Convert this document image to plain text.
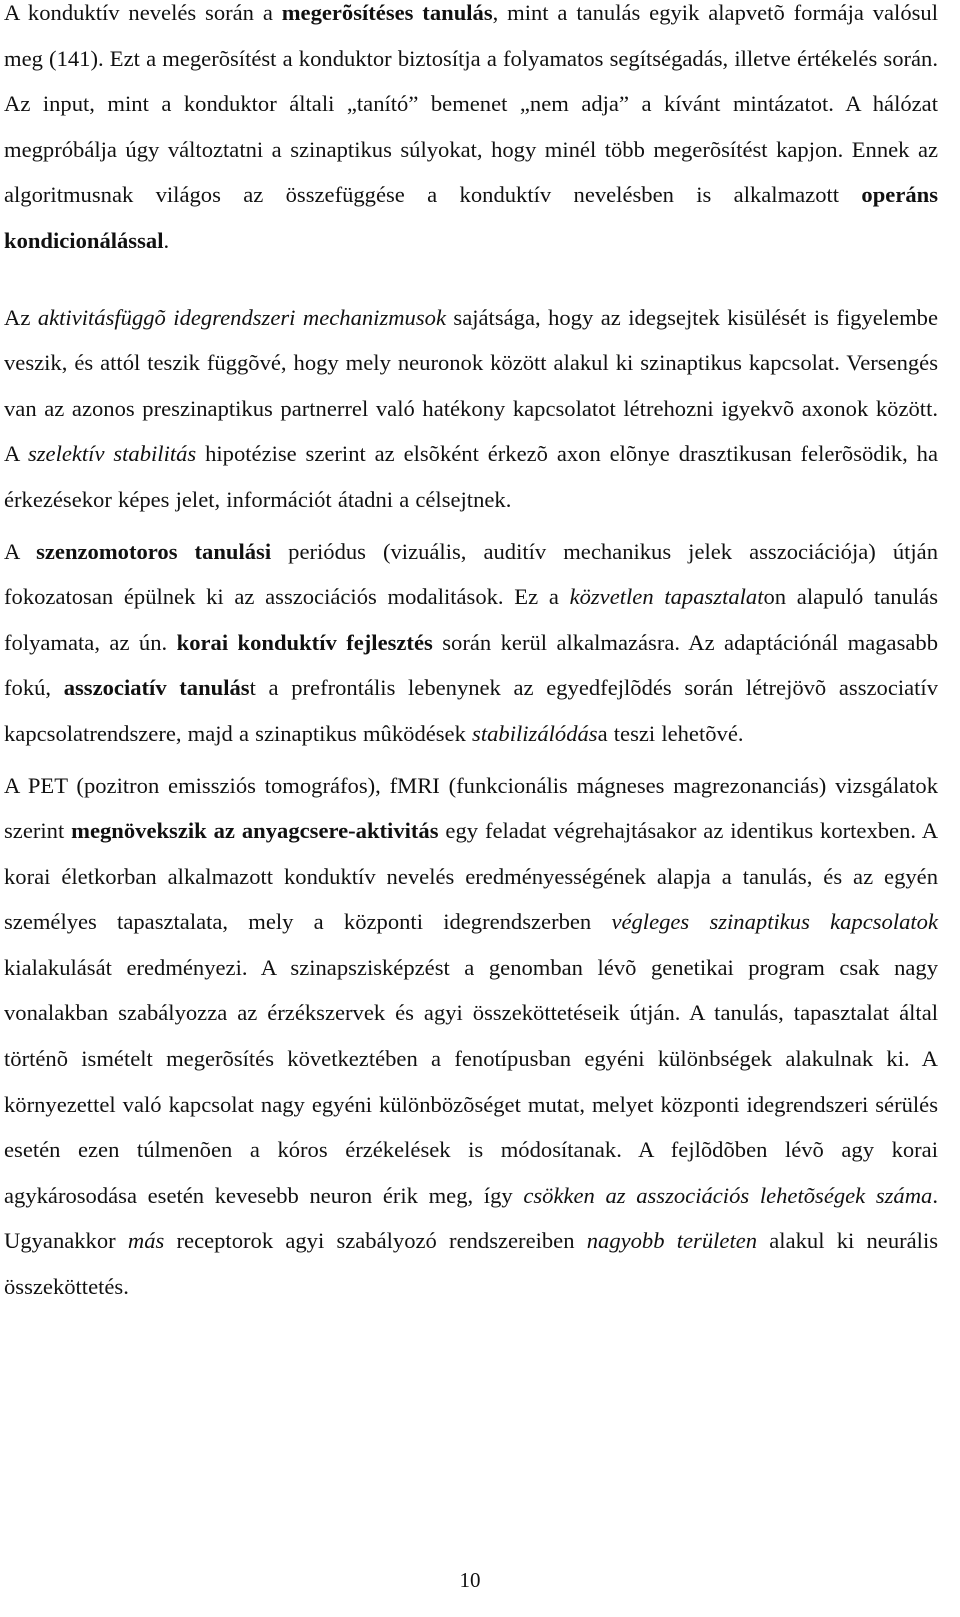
A konduktív nevelés során a megerõsítéses tanulás, mint a tanulás egyik alapvetõ formája valósul meg (141). Ezt a megerõsítést a konduktor biztosítja a folyamatos segítségadás, illetve értékelés során. Az input, mint a konduktor általi „tanító” bemenet „nem adja” a kívánt mintázatot. A hálózat megpróbálja úgy változtatni a szinaptikus súlyokat, hogy minél több megerõsítést kapjon. Ennek az algoritmusnak világos az összefüggése a konduktív nevelésben is alkalmazott operáns kondicionálással.

Az aktivitásfüggõ idegrendszeri mechanizmusok sajátsága, hogy az idegsejtek kisülését is figyelembe veszik, és attól teszik függõvé, hogy mely neuronok között alakul ki szinaptikus kapcsolat. Versengés van az azonos preszinaptikus partnerrel való hatékony kapcsolatot létrehozni igyekvõ axonok között. A szelektív stabilitás hipotézise szerint az elsõként érkezõ axon elõnye drasztikusan felerõsödik, ha érkezésekor képes jelet, információt átadni a célsejtnek.

A szenzomotoros tanulási periódus (vizuális, auditív mechanikus jelek asszociációja) útján fokozatosan épülnek ki az asszociációs modalitások. Ez a közvetlen tapasztalaton alapuló tanulás folyamata, az ún. korai konduktív fejlesztés során kerül alkalmazásra. Az adaptációnál magasabb fokú, asszociatív tanulást a prefrontális lebenynek az egyedfejlõdés során létrejövõ asszociatív kapcsolatrendszere, majd a szinaptikus mûködések stabilizálódása teszi lehetõvé.

A PET (pozitron emissziós tomográfos), fMRI (funkcionális mágneses magrezonanciás) vizsgálatok szerint megnövekszik az anyagcsere-aktivitás egy feladat végrehajtásakor az identikus kortexben. A korai életkorban alkalmazott konduktív nevelés eredményességének alapja a tanulás, és az egyén személyes tapasztalata, mely a központi idegrendszerben végleges szinaptikus kapcsolatok kialakulását eredményezi. A szinapszisképzést a genomban lévõ genetikai program csak nagy vonalakban szabályozza az érzékszervek és agyi összeköttetéseik útján. A tanulás, tapasztalat által történõ ismételt megerõsítés következtében a fenotípusban egyéni különbségek alakulnak ki. A környezettel való kapcsolat nagy egyéni különbözõséget mutat, melyet központi idegrendszeri sérülés esetén ezen túlmenõen a kóros érzékelések is módosítanak. A fejlõdõben lévõ agy korai agykárosodása esetén kevesebb neuron érik meg, így csökken az asszociációs lehetõségek száma. Ugyanakkor más receptorok agyi szabályozó rendszereiben nagyobb területen alakul ki neurális összeköttetés.

10
